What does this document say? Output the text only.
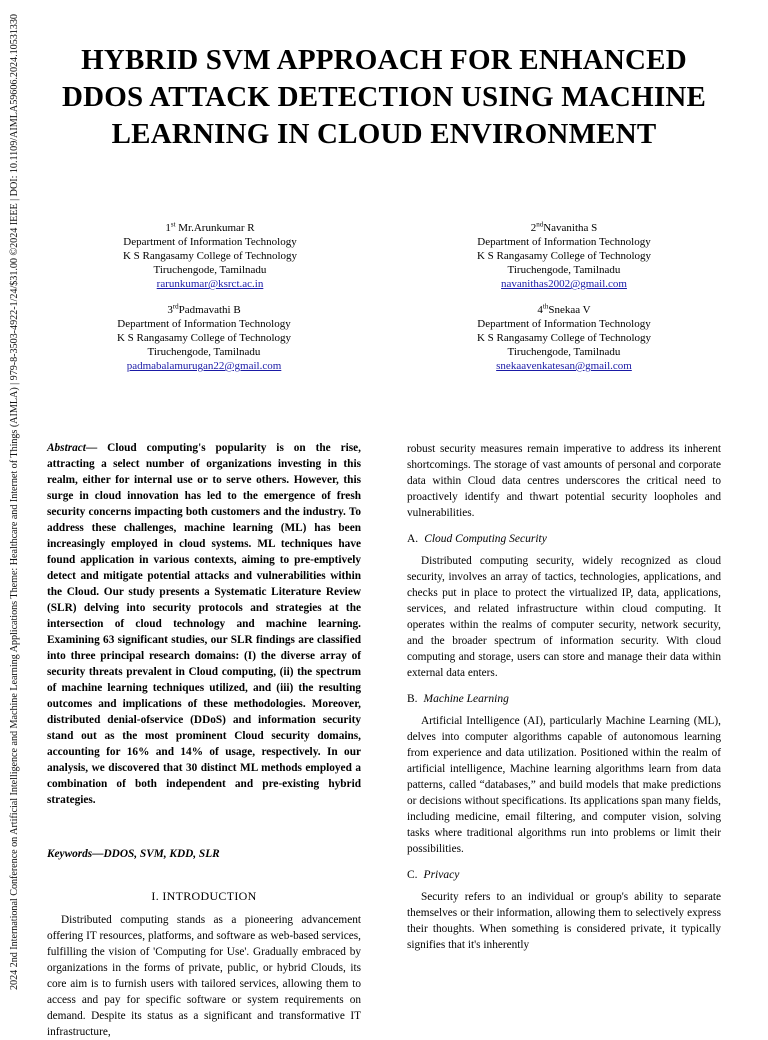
2024 2nd International Conference on Artificial Intelligence and Machine Learning Applications Theme: Healthcare and Internet of Things (AIMLA) | 979-8-3503-4922-1/24/$31.00 ©2024 IEEE | DOI: 10.1109/AIMLA59606.2024.10531330	HYBRID SVM APPROACH FOR ENHANCED DDOS ATTACK DETECTION USING MACHINE LEARNING IN CLOUD ENVIRONMENT
1st Mr.Arunkumar R
Department of Information Technology
K S Rangasamy College of Technology
Tiruchengode, Tamilnadu
rarunkumar@ksrct.ac.in
2ndNavanitha S
Department of Information Technology
K S Rangasamy College of Technology
Tiruchengode, Tamilnadu
navanithas2002@gmail.com
3rdPadmavathi B
Department of Information Technology
K S Rangasamy College of Technology
Tiruchengode, Tamilnadu
padmabalamurugan22@gmail.com
4thSnekaa V
Department of Information Technology
K S Rangasamy College of Technology
Tiruchengode, Tamilnadu
snekaavenkatesan@gmail.com

Abstract— Cloud computing's popularity is on the rise, attracting a select number of organizations investing in this realm, either for internal use or to serve others. However, this surge in cloud innovation has led to the emergence of fresh security concerns impacting both customers and the industry. To address these challenges, machine learning (ML) has been increasingly employed in cloud systems. ML techniques have found application in various contexts, aiming to pre-emptively detect and mitigate potential attacks and vulnerabilities within the Cloud. Our study presents a Systematic Literature Review (SLR) delving into security protocols and strategies at the intersection of cloud technology and machine learning. Examining 63 significant studies, our SLR findings are classified into three principal research domains: (I) the diverse array of security threats prevalent in Cloud computing, (ii) the spectrum of machine learning techniques utilized, and (iii) the resulting outcomes and implications of these methodologies. Moreover, distributed denial-ofservice (DDoS) and information security stand out as the most prominent Cloud security domains, accounting for 16% and 14% of usage, respectively. In our analysis, we discovered that 30 distinct ML methods employed a combination of both independent and pre-existing hybrid strategies.

Keywords—DDOS, SVM, KDD, SLR

I. INTRODUCTION

Distributed computing stands as a pioneering advancement offering IT resources, platforms, and software as web-based services, fulfilling the vision of 'Computing for Use'. Gradually embraced by organizations in the forms of private, public, or hybrid Clouds, its core aim is to furnish users with tailored services, allowing them to access and pay for specific software or system requirements on demand. Despite its status as a significant and transformative IT infrastructure,

robust security measures remain imperative to address its inherent shortcomings. The storage of vast amounts of personal and corporate data within Cloud data centres underscores the critical need to proactively identify and thwart potential security loopholes and vulnerabilities.

A. Cloud Computing Security

Distributed computing security, widely recognized as cloud security, involves an array of tactics, technologies, applications, and checks put in place to protect the virtualized IP, data, applications, services, and related infrastructure within cloud computing. It operates within the realms of computer security, network security, and the broader spectrum of information security. With cloud computing and storage, users can store and manage their data within external data enters.

B. Machine Learning

Artificial Intelligence (AI), particularly Machine Learning (ML), delves into computer algorithms capable of autonomous learning from experience and data utilization. Positioned within the realm of artificial intelligence, Machine learning algorithms learn from data patterns, called “databases,” and build models that make predictions or decisions without specifications. Its applications span many fields, including medicine, email filtering, and computer vision, solving tasks where traditional algorithms run into problems or limit their possibilities.

C. Privacy

Security refers to an individual or group's ability to separate themselves or their information, allowing them to selectively express their thoughts. When something is considered private, it typically signifies that it's inherently
